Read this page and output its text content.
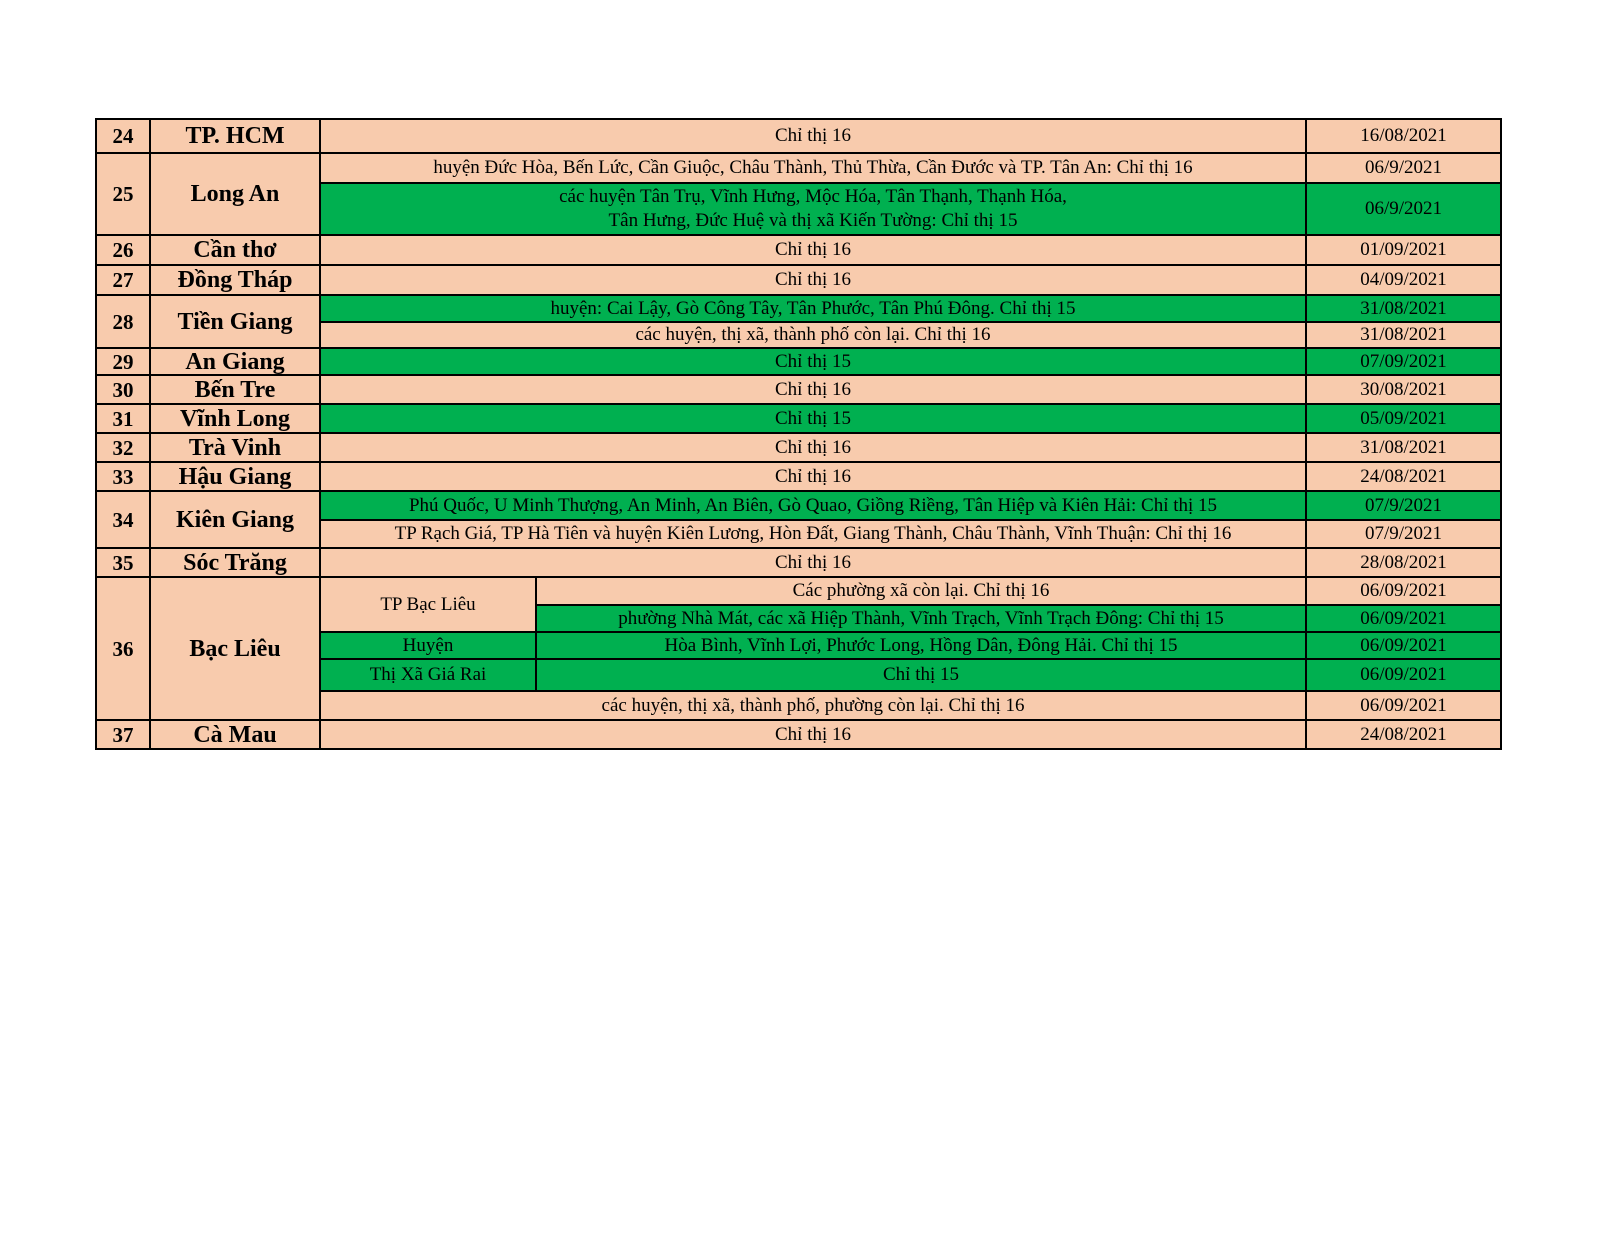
24	TP. HCM	Chỉ thị 16		16/08/2021
25	Long An	huyện Đức Hòa, Bến Lức, Cần Giuộc, Châu Thành, Thủ Thừa, Cần Đước và TP. Tân An: Chỉ thị 16		06/9/2021
		các huyện Tân Trụ, Vĩnh Hưng, Mộc Hóa, Tân Thạnh, Thạnh Hóa,
Tân Hưng, Đức Huệ và thị xã Kiến Tường: Chỉ thị 15		06/9/2021
26	Cần thơ	Chỉ thị 16		01/09/2021
27	Đồng Tháp	Chỉ thị 16		04/09/2021
28	Tiền Giang	huyện: Cai Lậy, Gò Công Tây, Tân Phước, Tân Phú Đông. Chỉ thị 15		31/08/2021
		các huyện, thị xã, thành phố còn lại. Chỉ thị 16		31/08/2021
29	An Giang	Chỉ thị 15		07/09/2021
30	Bến Tre	Chỉ thị 16		30/08/2021
31	Vĩnh Long	Chỉ thị 15		05/09/2021
32	Trà Vinh	Chỉ thị 16		31/08/2021
33	Hậu Giang	Chỉ thị 16		24/08/2021
34	Kiên Giang	Phú Quốc, U Minh Thượng, An Minh, An Biên, Gò Quao, Giồng Riềng, Tân Hiệp và Kiên Hải: Chỉ thị 15		07/9/2021
		TP Rạch Giá, TP Hà Tiên và huyện Kiên Lương, Hòn Đất, Giang Thành, Châu Thành, Vĩnh Thuận: Chỉ thị 16		07/9/2021
35	Sóc Trăng	Chỉ thị 16		28/08/2021
36	Bạc Liêu	TP Bạc Liêu	Các phường xã còn lại. Chỉ thị 16	06/09/2021
			phường Nhà Mát, các xã Hiệp Thành, Vĩnh Trạch, Vĩnh Trạch Đông: Chỉ thị 15	06/09/2021
		Huyện	Hòa Bình, Vĩnh Lợi, Phước Long, Hồng Dân, Đông Hải. Chỉ thị 15	06/09/2021
		Thị Xã Giá Rai	Chỉ thị 15	06/09/2021
		các huyện, thị xã, thành phố, phường còn lại. Chỉ thị 16		06/09/2021
37	Cà Mau	Chỉ thị 16		24/08/2021
